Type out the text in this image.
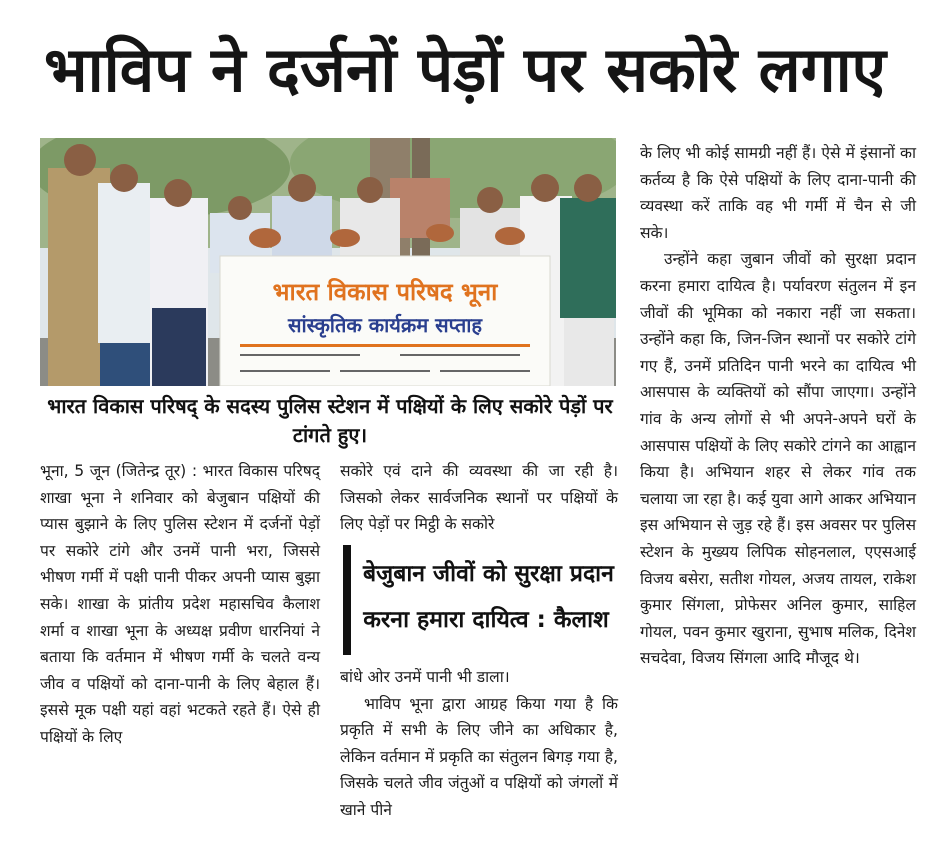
भाविप ने दर्जनों पेड़ों पर सकोरे लगाए
भारत विकास परिषद भूना
सांस्कृतिक कार्यक्रम सप्ताह
भारत विकास परिषद् के सदस्य पुलिस स्टेशन में पक्षियों के लिए सकोरे पेड़ों पर टांगते हुए।

भूना, 5 जून (जितेन्द्र तूर) : भारत विकास परिषद् शाखा भूना ने शनिवार को बेजुबान पक्षियों की प्यास बुझाने के लिए पुलिस स्टेशन में दर्जनों पेड़ों पर सकोरे टांगे और उनमें पानी भरा, जिससे भीषण गर्मी में पक्षी पानी पीकर अपनी प्यास बुझा सके। शाखा के प्रांतीय प्रदेश महासचिव कैलाश शर्मा व शाखा भूना के अध्यक्ष प्रवीण धारनियां ने बताया कि वर्तमान में भीषण गर्मी के चलते वन्य जीव व पक्षियों को दाना-पानी के लिए बेहाल हैं। इससे मूक पक्षी यहां वहां भटकते रहते हैं। ऐसे ही पक्षियों के लिए

सकोरे एवं दाने की व्यवस्था की जा रही है। जिसको लेकर सार्वजनिक स्थानों पर पक्षियों के लिए पेड़ों पर मिट्ठी के सकोरे

बेजुबान जीवों को सुरक्षा प्रदान
करना हमारा दायित्व : कैलाश

बांधे ओर उनमें पानी भी डाला।

भाविप भूना द्वारा आग्रह किया गया है कि प्रकृति में सभी के लिए जीने का अधिकार है, लेकिन वर्तमान में प्रकृति का संतुलन बिगड़ गया है, जिसके चलते जीव जंतुओं व पक्षियों को जंगलों में खाने पीने

के लिए भी कोई सामग्री नहीं हैं। ऐसे में इंसानों का कर्तव्य है कि ऐसे पक्षियों के लिए दाना-पानी की व्यवस्था करें ताकि वह भी गर्मी में चैन से जी सके।

उन्होंने कहा जुबान जीवों को सुरक्षा प्रदान करना हमारा दायित्व है। पर्यावरण संतुलन में इन जीवों की भूमिका को नकारा नहीं जा सकता। उन्होंने कहा कि, जिन-जिन स्थानों पर सकोरे टांगे गए हैं, उनमें प्रतिदिन पानी भरने का दायित्व भी आसपास के व्यक्तियों को सौंपा जाएगा। उन्होंने गांव के अन्य लोगों से भी अपने-अपने घरों के आसपास पक्षियों के लिए सकोरे टांगने का आह्वान किया है। अभियान शहर से लेकर गांव तक चलाया जा रहा है। कई युवा आगे आकर अभियान इस अभियान से जुड़ रहे हैं। इस अवसर पर पुलिस स्टेशन के मुख्यय लिपिक सोहनलाल, एएसआई विजय बसेरा, सतीश गोयल, अजय तायल, राकेश कुमार सिंगला, प्रोफेसर अनिल कुमार, साहिल गोयल, पवन कुमार खुराना, सुभाष मलिक, दिनेश सचदेवा, विजय सिंगला आदि मौजूद थे।
